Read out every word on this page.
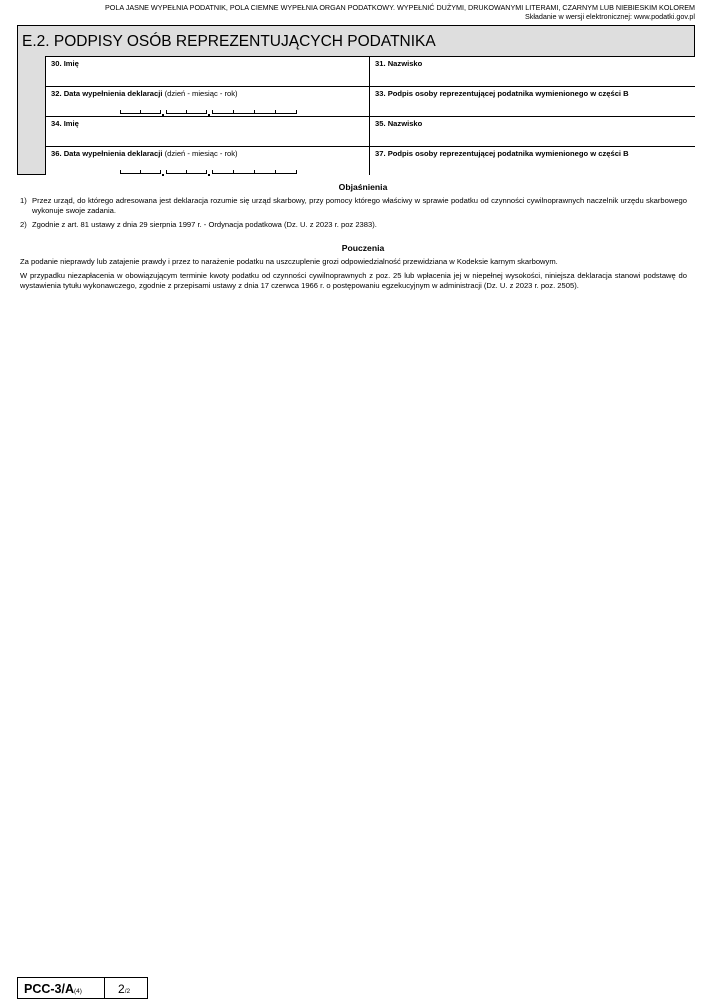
POLA JASNE WYPEŁNIA PODATNIK, POLA CIEMNE WYPEŁNIA ORGAN PODATKOWY. WYPEŁNIĆ DUŻYMI, DRUKOWANYMI LITERAMI, CZARNYM LUB NIEBIESKIM KOLOREM
Składanie w wersji elektronicznej: www.podatki.gov.pl
E.2. PODPISY OSÓB REPREZENTUJĄCYCH PODATNIKA
30. Imię	31. Nazwisko
32. Data wypełnienia deklaracji (dzień - miesiąc - rok)	33. Podpis osoby reprezentującej podatnika wymienionego w części B
34. Imię	35. Nazwisko
36. Data wypełnienia deklaracji (dzień - miesiąc - rok)	37. Podpis osoby reprezentującej podatnika wymienionego w części B
Objaśnienia
1) Przez urząd, do którego adresowana jest deklaracja rozumie się urząd skarbowy, przy pomocy którego właściwy w sprawie podatku od czynności cywilnoprawnych naczelnik urzędu skarbowego wykonuje swoje zadania.
2) Zgodnie z art. 81 ustawy z dnia 29 sierpnia 1997 r. - Ordynacja podatkowa (Dz. U. z 2023 r. poz 2383).
Pouczenia
Za podanie nieprawdy lub zatajenie prawdy i przez to narażenie podatku na uszczuplenie grozi odpowiedzialność przewidziana w Kodeksie karnym skarbowym.
W przypadku niezapłacenia w obowiązującym terminie kwoty podatku od czynności cywilnoprawnych z poz. 25 lub wpłacenia jej w niepełnej wysokości, niniejsza deklaracja stanowi podstawę do wystawienia tytułu wykonawczego, zgodnie z przepisami ustawy z dnia 17 czerwca 1966 r. o postępowaniu egzekucyjnym w administracji (Dz. U. z 2023 r. poz. 2505).
PCC-3/A(4)	2/2
